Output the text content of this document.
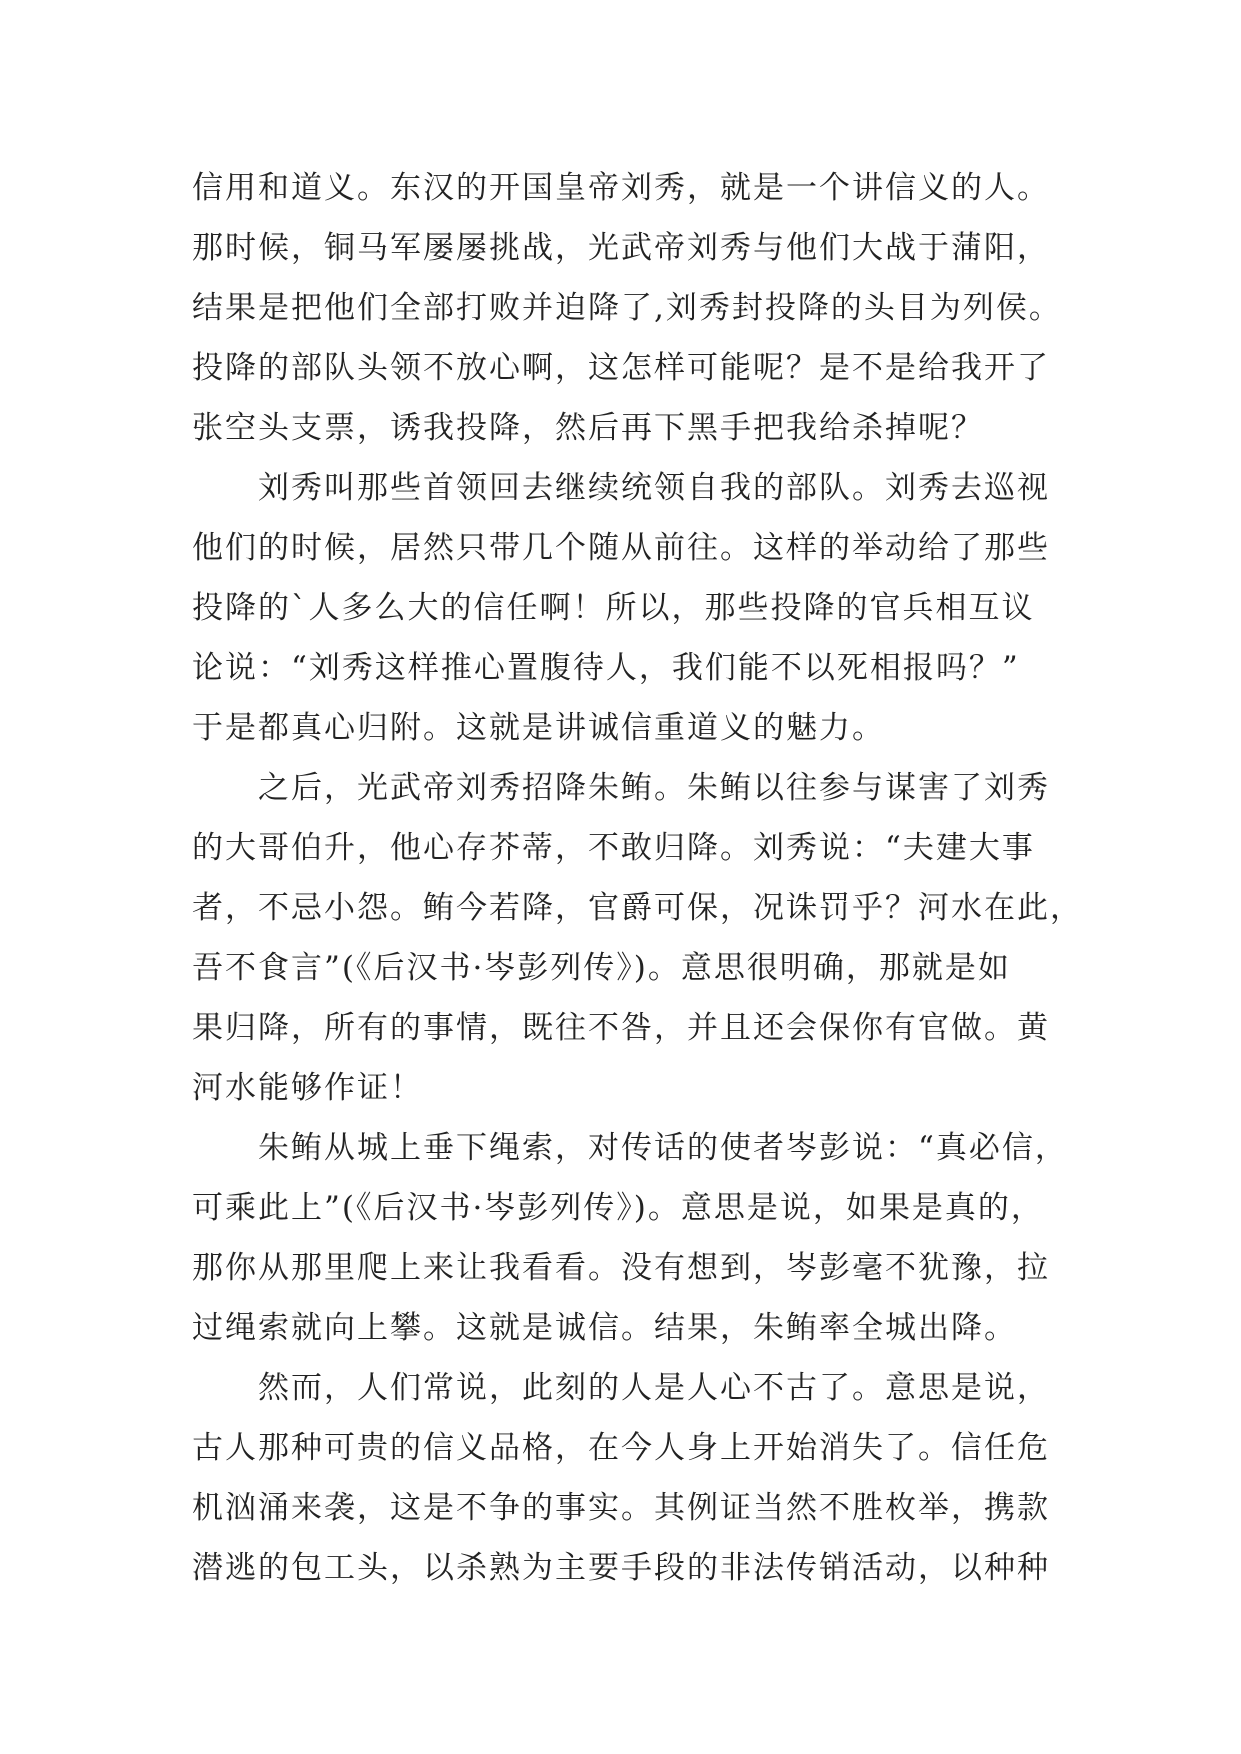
信用和道义。东汉的开国皇帝刘秀，就是一个讲信义的人。
那时候，铜马军屡屡挑战，光武帝刘秀与他们大战于蒲阳，
结果是把他们全部打败并迫降了,刘秀封投降的头目为列侯。
投降的部队头领不放心啊，这怎样可能呢？是不是给我开了
张空头支票，诱我投降，然后再下黑手把我给杀掉呢？
　　刘秀叫那些首领回去继续统领自我的部队。刘秀去巡视
他们的时候，居然只带几个随从前往。这样的举动给了那些
投降的`人多么大的信任啊！所以，那些投降的官兵相互议
论说：“刘秀这样推心置腹待人，我们能不以死相报吗？”
于是都真心归附。这就是讲诚信重道义的魅力。
　　之后，光武帝刘秀招降朱鲔。朱鲔以往参与谋害了刘秀
的大哥伯升，他心存芥蒂，不敢归降。刘秀说：“夫建大事
者，不忌小怨。鲔今若降，官爵可保，况诛罚乎？河水在此，
吾不食言”(《后汉书·岑彭列传》)。意思很明确，那就是如
果归降，所有的事情，既往不咎，并且还会保你有官做。黄
河水能够作证！
　　朱鲔从城上垂下绳索，对传话的使者岑彭说：“真必信，
可乘此上”(《后汉书·岑彭列传》)。意思是说，如果是真的，
那你从那里爬上来让我看看。没有想到，岑彭毫不犹豫，拉
过绳索就向上攀。这就是诚信。结果，朱鲔率全城出降。
　　然而，人们常说，此刻的人是人心不古了。意思是说，
古人那种可贵的信义品格，在今人身上开始消失了。信任危
机汹涌来袭，这是不争的事实。其例证当然不胜枚举，携款
潜逃的包工头，以杀熟为主要手段的非法传销活动，以种种
